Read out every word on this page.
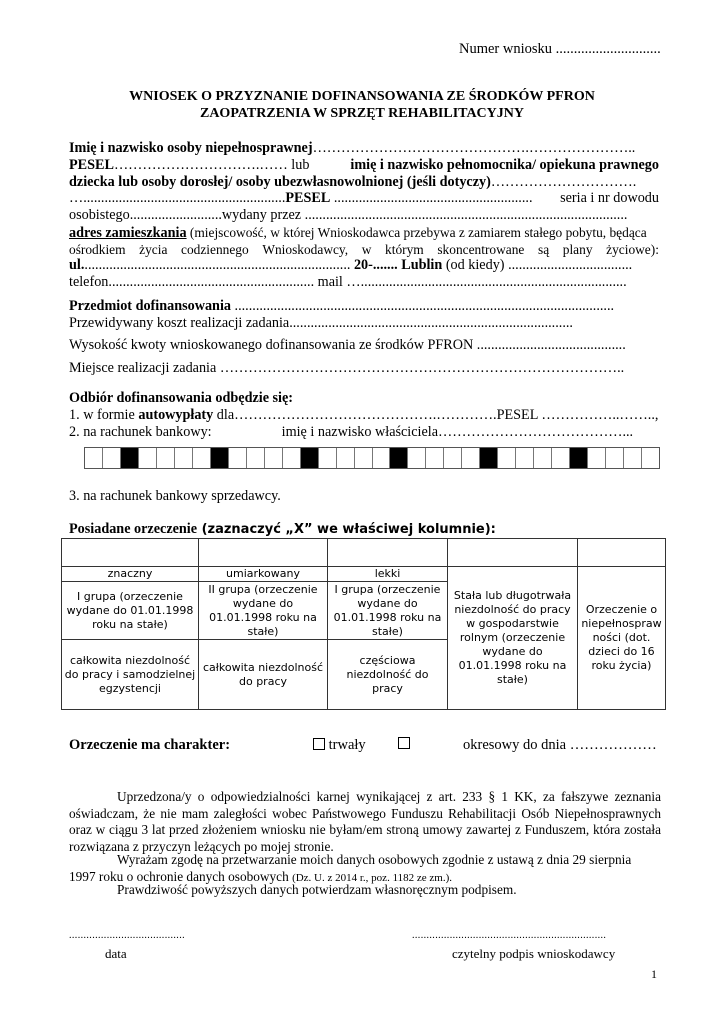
Numer wniosku .............................
WNIOSEK O PRZYZNANIE DOFINANSOWANIA ZE ŚRODKÓW PFRON
ZAOPATRZENIA W SPRZĘT REHABILITACYJNY
Imię i nazwisko osoby niepełnosprawnej……………………………………….…………………..
PESEL………………………….…… lub	imię i nazwisko pełnomocnika/ opiekuna prawnego
dziecka lub osoby dorosłej/ osoby ubezwłasnowolnionej (jeśli dotyczy)………………………….
….........................................................PESEL ........................................................ seria i nr dowodu
osobistego..........................wydany przez ...........................................................................................
adres zamieszkania (miejscowość, w której Wnioskodawca przebywa z zamiarem stałego pobytu, będąca
ośrodkiem życia codziennego Wnioskodawcy, w którym skoncentrowane są plany życiowe):
ul............................................................................ 20-....... Lublin (od kiedy) ...................................
telefon.......................................................... mail …...........................................................................
Przedmiot dofinansowania ...........................................................................................................
Przewidywany koszt realizacji zadania................................................................................
Wysokość kwoty wnioskowanego dofinansowania ze środków PFRON ..........................................
Miejsce realizacji zadania …………………………………………………………………………..
Odbiór dofinansowania odbędzie się:
1. w formie autowypłaty dla…………………………………….………….PESEL ……………..……..,
2. na rachunek bankowy:	imię i nazwisko właściciela…………………………………...
3. na rachunek bankowy sprzedawcy.
Posiadane orzeczenie (zaznaczyć „X” we właściwej kolumnie):

znaczny	umiarkowany	lekki	Stała lub długotrwała niezdolność do pracy w gospodarstwie rolnym (orzeczenie wydane do 01.01.1998 roku na stałe)	Orzeczenie o niepełnospraw ności (dot. dzieci do 16 roku życia)
I grupa (orzeczenie wydane do 01.01.1998 roku na stałe)	II grupa (orzeczenie wydane do 01.01.1998 roku na stałe)	I grupa (orzeczenie wydane do 01.01.1998 roku na stałe)		
całkowita niezdolność do pracy i samodzielnej egzystencji	całkowita niezdolność do pracy	częściowa niezdolność do pracy		
Orzeczenie ma charakter:	trwały	okresowy do dnia ………………
Uprzedzona/y o odpowiedzialności karnej wynikającej z art. 233 § 1 KK, za fałszywe zeznania oświadczam, że nie mam zaległości wobec Państwowego Funduszu Rehabilitacji Osób Niepełnosprawnych oraz w ciągu 3 lat przed złożeniem wniosku nie byłam/em stroną umowy zawartej z Funduszem, która została rozwiązana z przyczyn leżących po mojej stronie.
Wyrażam zgodę na przetwarzanie moich danych osobowych zgodnie z ustawą z dnia 29 sierpnia 1997 roku o ochronie danych osobowych (Dz. U. z 2014 r., poz. 1182 ze zm.).
Prawdziwość powyższych danych potwierdzam własnoręcznym podpisem.
........................................
data
...................................................................
czytelny podpis wnioskodawcy
1
